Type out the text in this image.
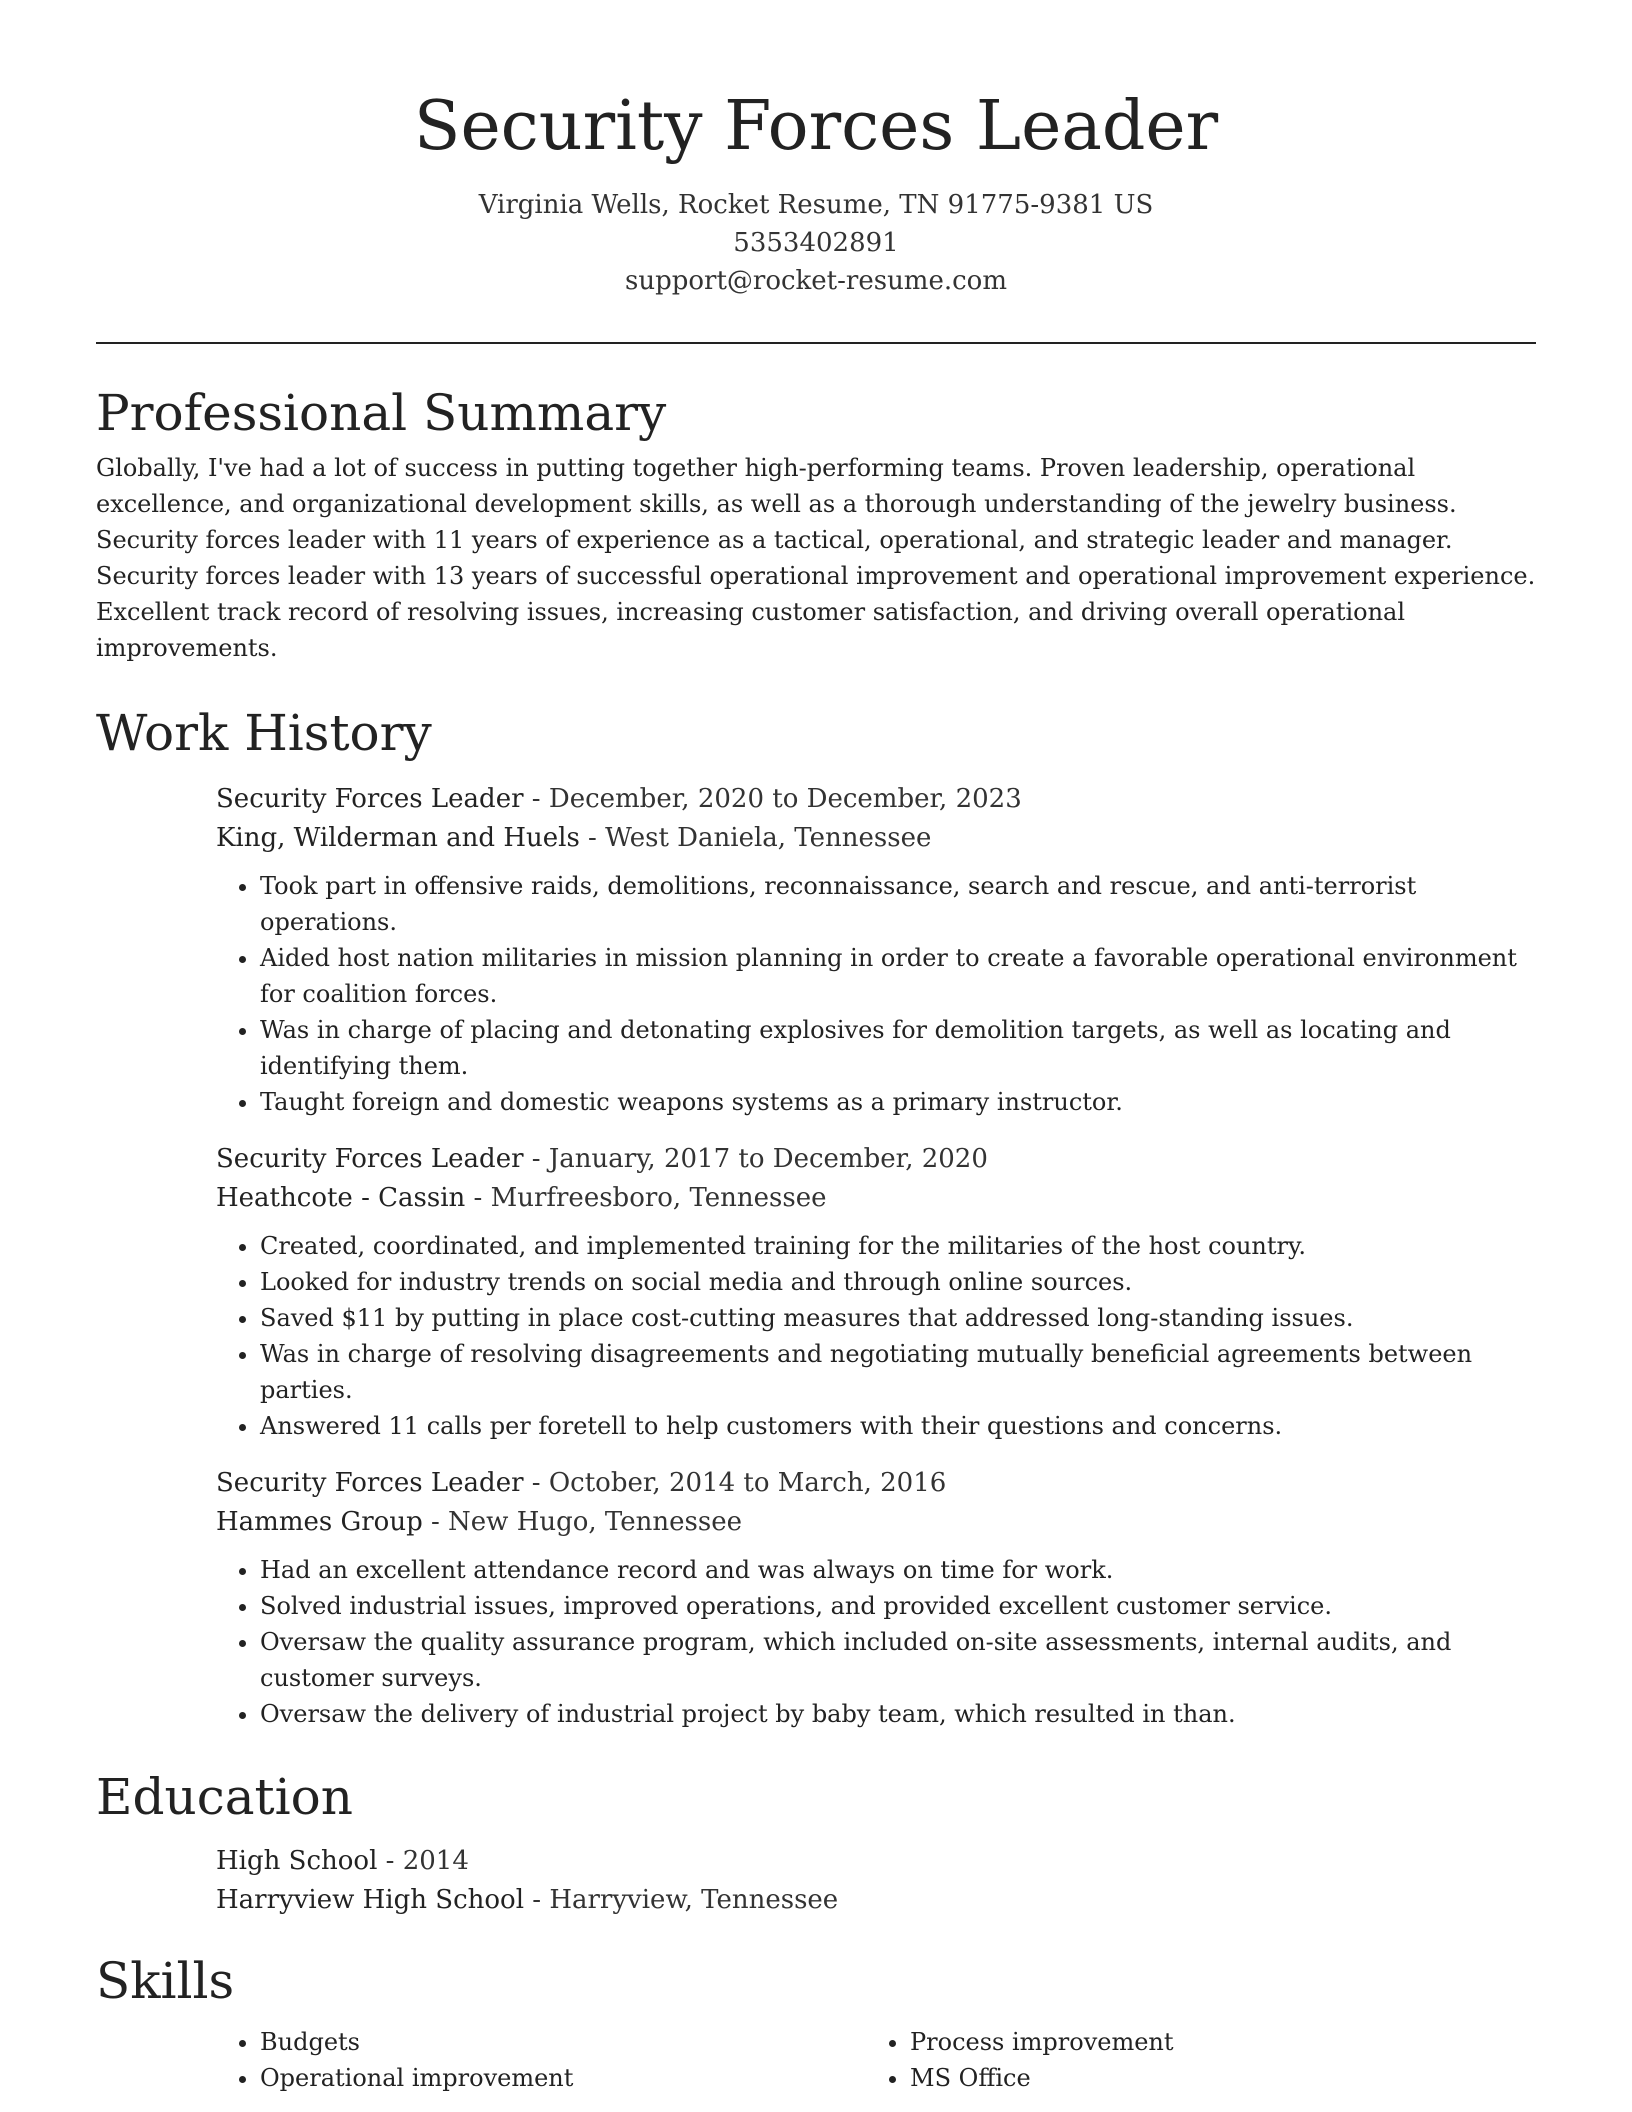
Security Forces Leader
Virginia Wells, Rocket Resume, TN 91775-9381 US
5353402891
support@rocket-resume.com
Professional Summary

Globally, I've had a lot of success in putting together high-performing teams. Proven leadership, operational excellence, and organizational development skills, as well as a thorough understanding of the jewelry business. Security forces leader with 11 years of experience as a tactical, operational, and strategic leader and manager. Security forces leader with 13 years of successful operational improvement and operational improvement experience. Excellent track record of resolving issues, increasing customer satisfaction, and driving overall operational improvements.

Work History
Security Forces Leader - December, 2020 to December, 2023
King, Wilderman and Huels - West Daniela, Tennessee
• Took part in offensive raids, demolitions, reconnaissance, search and rescue, and anti-terrorist operations.
• Aided host nation militaries in mission planning in order to create a favorable operational environment for coalition forces.
• Was in charge of placing and detonating explosives for demolition targets, as well as locating and identifying them.
• Taught foreign and domestic weapons systems as a primary instructor.
Security Forces Leader - January, 2017 to December, 2020
Heathcote - Cassin - Murfreesboro, Tennessee
• Created, coordinated, and implemented training for the militaries of the host country.
• Looked for industry trends on social media and through online sources.
• Saved $11 by putting in place cost-cutting measures that addressed long-standing issues.
• Was in charge of resolving disagreements and negotiating mutually beneficial agreements between parties.
• Answered 11 calls per foretell to help customers with their questions and concerns.
Security Forces Leader - October, 2014 to March, 2016
Hammes Group - New Hugo, Tennessee
• Had an excellent attendance record and was always on time for work.
• Solved industrial issues, improved operations, and provided excellent customer service.
• Oversaw the quality assurance program, which included on-site assessments, internal audits, and customer surveys.
• Oversaw the delivery of industrial project by baby team, which resulted in than.
Education
High School - 2014
Harryview High School - Harryview, Tennessee
Skills
• Budgets
• Operational improvement
• Process improvement
• MS Office
